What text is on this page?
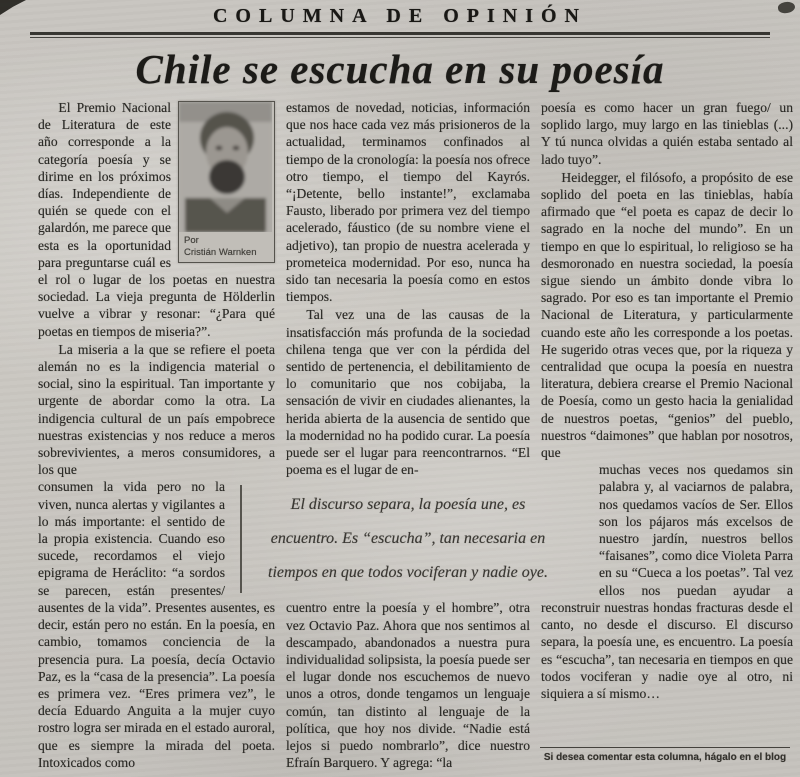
COLUMNA DE OPINIÓN
Chile se escucha en su poesía
Por
Cristián Warnken

El Premio Nacional de Literatura de este año corresponde a la categoría poesía y se dirime en los próximos días. Independiente de quién se quede con el galardón, me parece que esta es la oportunidad para preguntarse cuál es el rol o lugar de los poetas en nuestra sociedad. La vieja pregunta de Hölderlin vuelve a vibrar y resonar: “¿Para qué poetas en tiempos de miseria?”.

La miseria a la que se refiere el poeta alemán no es la indigencia material o social, sino la espiritual. Tan importante y urgente de abordar como la otra. La indigencia cultural de un país empobrece nuestras existencias y nos reduce a meros sobrevivientes, a meros consumidores, a los que

consumen la vida pero no la viven, nunca alertas y vigilantes a lo más importante: el sentido de la propia existencia. Cuando eso sucede, recordamos el viejo epigrama de Heráclito: “a sordos se parecen, están presentes/ ausentes de la vida”. Presentes ausentes, es decir, están pero no están. En la poesía, en cambio, tomamos conciencia de la presencia pura. La poesía, decía Octavio Paz, es la “casa de la presencia”. La poesía es primera vez. “Eres primera vez”, le decía Eduardo Anguita a la mujer cuyo rostro logra ser mirada en el estado auroral, que es siempre la mirada del poeta. Intoxicados como

estamos de novedad, noticias, información que nos hace cada vez más prisioneros de la actualidad, terminamos confinados al tiempo de la cronología: la poesía nos ofrece otro tiempo, el tiempo del Kayrós. “¡Detente, bello instante!”, exclamaba Fausto, liberado por primera vez del tiempo acelerado, fáustico (de su nombre viene el adjetivo), tan propio de nuestra acelerada y prometeica modernidad. Por eso, nunca ha sido tan necesaria la poesía como en estos tiempos.

Tal vez una de las causas de la insatisfacción más profunda de la sociedad chilena tenga que ver con la pérdida del sentido de pertenencia, el debilitamiento de lo comunitario que nos cobijaba, la sensación de vivir en ciudades alienantes, la herida abierta de la ausencia de sentido que la modernidad no ha podido curar. La poesía puede ser el lugar para reencontrarnos. “El poema es el lugar de en-

El discurso separa, la poesía une, es encuentro. Es “escucha”, tan necesaria en tiempos en que todos vociferan y nadie oye.

cuentro entre la poesía y el hombre”, otra vez Octavio Paz. Ahora que nos sentimos al descampado, abandonados a nuestra pura individualidad solipsista, la poesía puede ser el lugar donde nos escuchemos de nuevo unos a otros, donde tengamos un lenguaje común, tan distinto al lenguaje de la política, que hoy nos divide. “Nadie está lejos si puedo nombrarlo”, dice nuestro Efraín Barquero. Y agrega: “la

poesía es como hacer un gran fuego/ un soplido largo, muy largo en las tinieblas (...) Y tú nunca olvidas a quién estaba sentado al lado tuyo”.

Heidegger, el filósofo, a propósito de ese soplido del poeta en las tinieblas, había afirmado que “el poeta es capaz de decir lo sagrado en la noche del mundo”. En un tiempo en que lo espiritual, lo religioso se ha desmoronado en nuestra sociedad, la poesía sigue siendo un ámbito donde vibra lo sagrado. Por eso es tan importante el Premio Nacional de Literatura, y particularmente cuando este año les corresponde a los poetas. He sugerido otras veces que, por la riqueza y centralidad que ocupa la poesía en nuestra literatura, debiera crearse el Premio Nacional de Poesía, como un gesto hacia la genialidad de nuestros poetas, “genios” del pueblo, nuestros “daimones” que hablan por nosotros, que

muchas veces nos quedamos sin palabra y, al vaciarnos de palabra, nos quedamos vacíos de Ser. Ellos son los pájaros más excelsos de nuestro jardín, nuestros bellos “faisanes”, como dice Violeta Parra en su “Cueca a los poetas”. Tal vez ellos nos puedan ayudar a reconstruir nuestras hondas fracturas desde el canto, no desde el discurso. El discurso separa, la poesía une, es encuentro. La poesía es “escucha”, tan necesaria en tiempos en que todos vociferan y nadie oye al otro, ni siquiera a sí mismo…

Si desea comentar esta columna, hágalo en el blog
